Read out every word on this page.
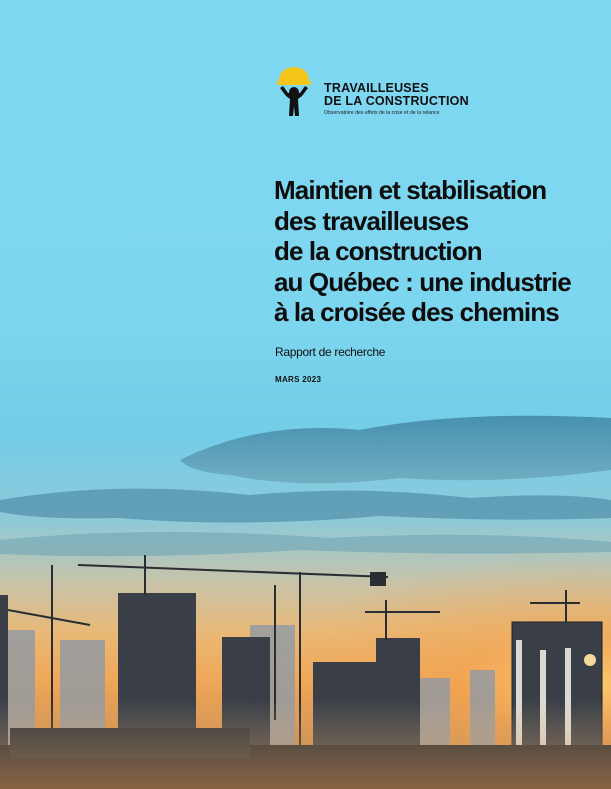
TRAVAILLEUSES
DE LA CONSTRUCTION
Observatoire des effets de la crise et de la relance
Maintien et stabilisation
des travailleuses
de la construction
au Québec : une industrie
à la croisée des chemins
Rapport de recherche
MARS 2023
